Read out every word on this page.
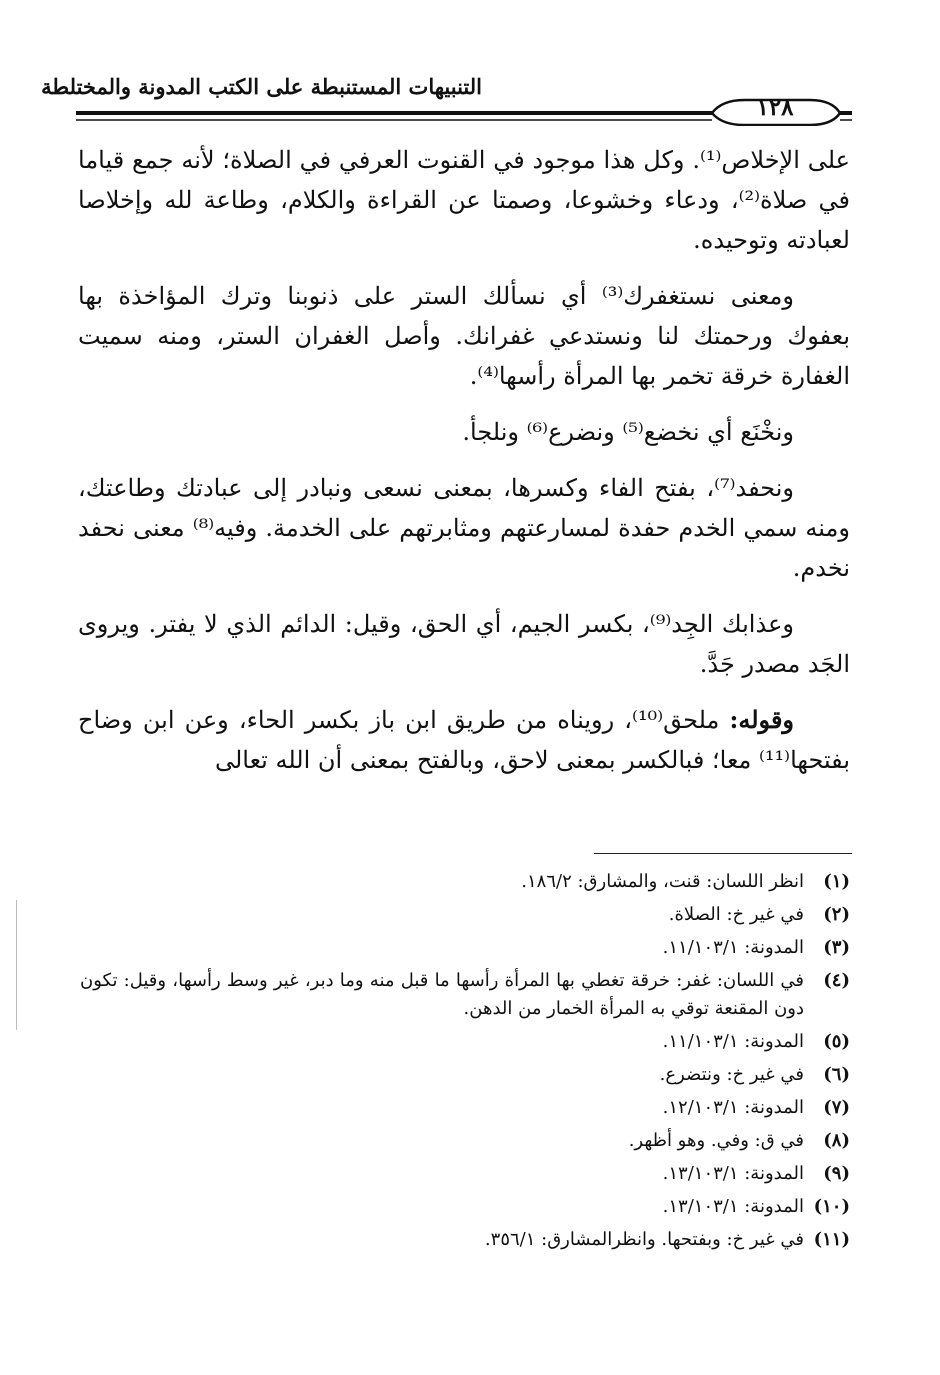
التنبيهات المستنبطة على الكتب المدونة والمختلطة
١٢٨

على الإخلاص⁽¹⁾. وكل هذا موجود في القنوت العرفي في الصلاة؛ لأنه جمع قياما في صلاة⁽²⁾، ودعاء وخشوعا، وصمتا عن القراءة والكلام، وطاعة لله وإخلاصا لعبادته وتوحيده.

ومعنى نستغفرك⁽³⁾ أي نسألك الستر على ذنوبنا وترك المؤاخذة بها بعفوك ورحمتك لنا ونستدعي غفرانك. وأصل الغفران الستر، ومنه سميت الغفارة خرقة تخمر بها المرأة رأسها⁽⁴⁾.

ونخْنَع أي نخضع⁽⁵⁾ ونضرع⁽⁶⁾ ونلجأ.

ونحفد⁽⁷⁾، بفتح الفاء وكسرها، بمعنى نسعى ونبادر إلى عبادتك وطاعتك، ومنه سمي الخدم حفدة لمسارعتهم ومثابرتهم على الخدمة. وفيه⁽⁸⁾ معنى نحفد نخدم.

وعذابك الجِد⁽⁹⁾، بكسر الجيم، أي الحق، وقيل: الدائم الذي لا يفتر. ويروى الجَد مصدر جَدَّ.

وقوله: ملحق⁽¹⁰⁾، رويناه من طريق ابن باز بكسر الحاء، وعن ابن وضاح بفتحها⁽¹¹⁾ معا؛ فبالكسر بمعنى لاحق، وبالفتح بمعنى أن الله تعالى

(١)
انظر اللسان: قنت، والمشارق: ١٨٦/٢.
(٢)
في غير خ: الصلاة.
(٣)
المدونة: ١١/١٠٣/١.
(٤)
في اللسان: غفر: خرقة تغطي بها المرأة رأسها ما قبل منه وما دبر، غير وسط رأسها، وقيل: تكون دون المقنعة توقي به المرأة الخمار من الدهن.
(٥)
المدونة: ١١/١٠٣/١.
(٦)
في غير خ: ونتضرع.
(٧)
المدونة: ١٢/١٠٣/١.
(٨)
في ق: وفي. وهو أظهر.
(٩)
المدونة: ١٣/١٠٣/١.
(١٠)
المدونة: ١٣/١٠٣/١.
(١١)
في غير خ: وبفتحها. وانظرالمشارق: ٣٥٦/١.
